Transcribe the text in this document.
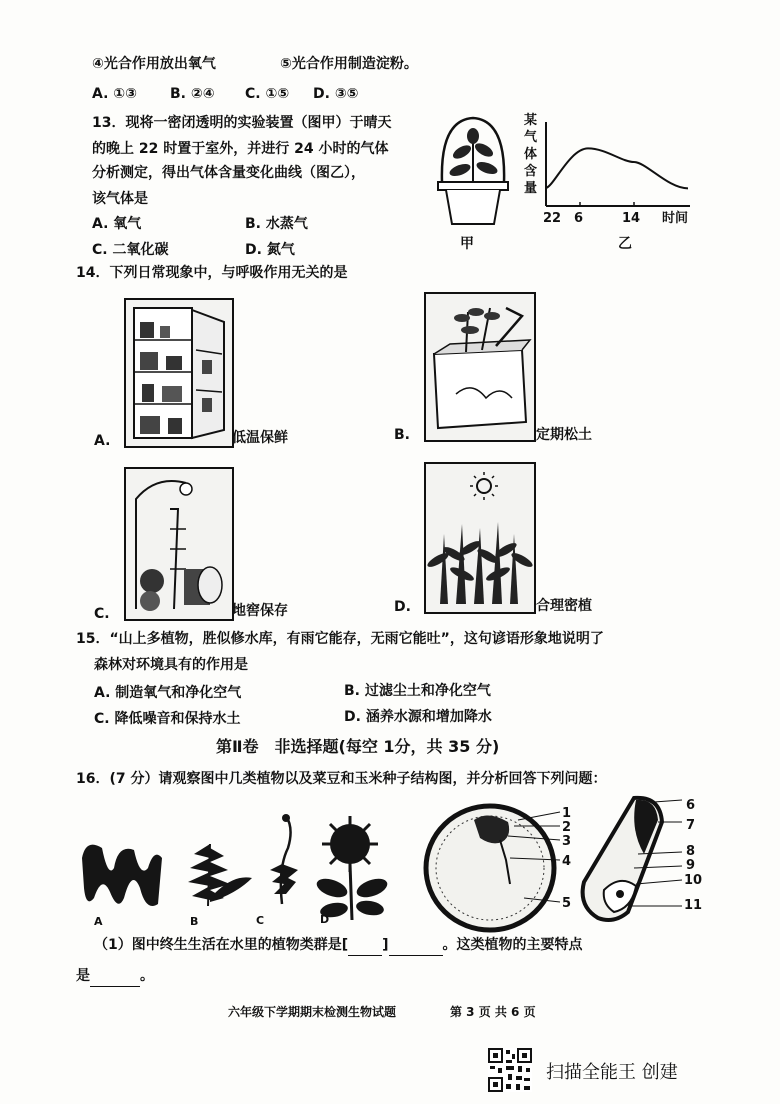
④光合作用放出氧气	⑤光合作用制造淀粉。
A. ①③ B. ②④ C. ①⑤ D. ③⑤
13．现将一密闭透明的实验装置（图甲）于晴天
的晚上 22 时置于室外，并进行 24 小时的气体
分析测定，得出气体含量变化曲线（图乙），
该气体是
A. 氧气	B. 水蒸气
C. 二氧化碳	D. 氮气	甲
某气体含量
22 6	14 时间
乙
14．下列日常现象中，与呼吸作用无关的是
A.	低温保鲜	B.	定期松土
C.	地窖保存	D.	合理密植
15．“山上多植物，胜似修水库，有雨它能存，无雨它能吐”，这句谚语形象地说明了
森林对环境具有的作用是
A. 制造氧气和净化空气	B. 过滤尘土和净化空气
C. 降低噪音和保持水土	D. 涵养水源和增加降水
第Ⅱ卷　非选择题(每空 1分，共 35 分)
16．(7 分）请观察图中几类植物以及菜豆和玉米种子结构图，并分析回答下列问题：
A	B	C	D
1
2
3
4
5
6
7
8
9
10
11
（1）图中终生生活在水里的植物类群是[ ]	。这类植物的主要特点
是	。
六年级下学期期末检测生物试题	第 3 页 共 6 页
扫描全能王 创建
